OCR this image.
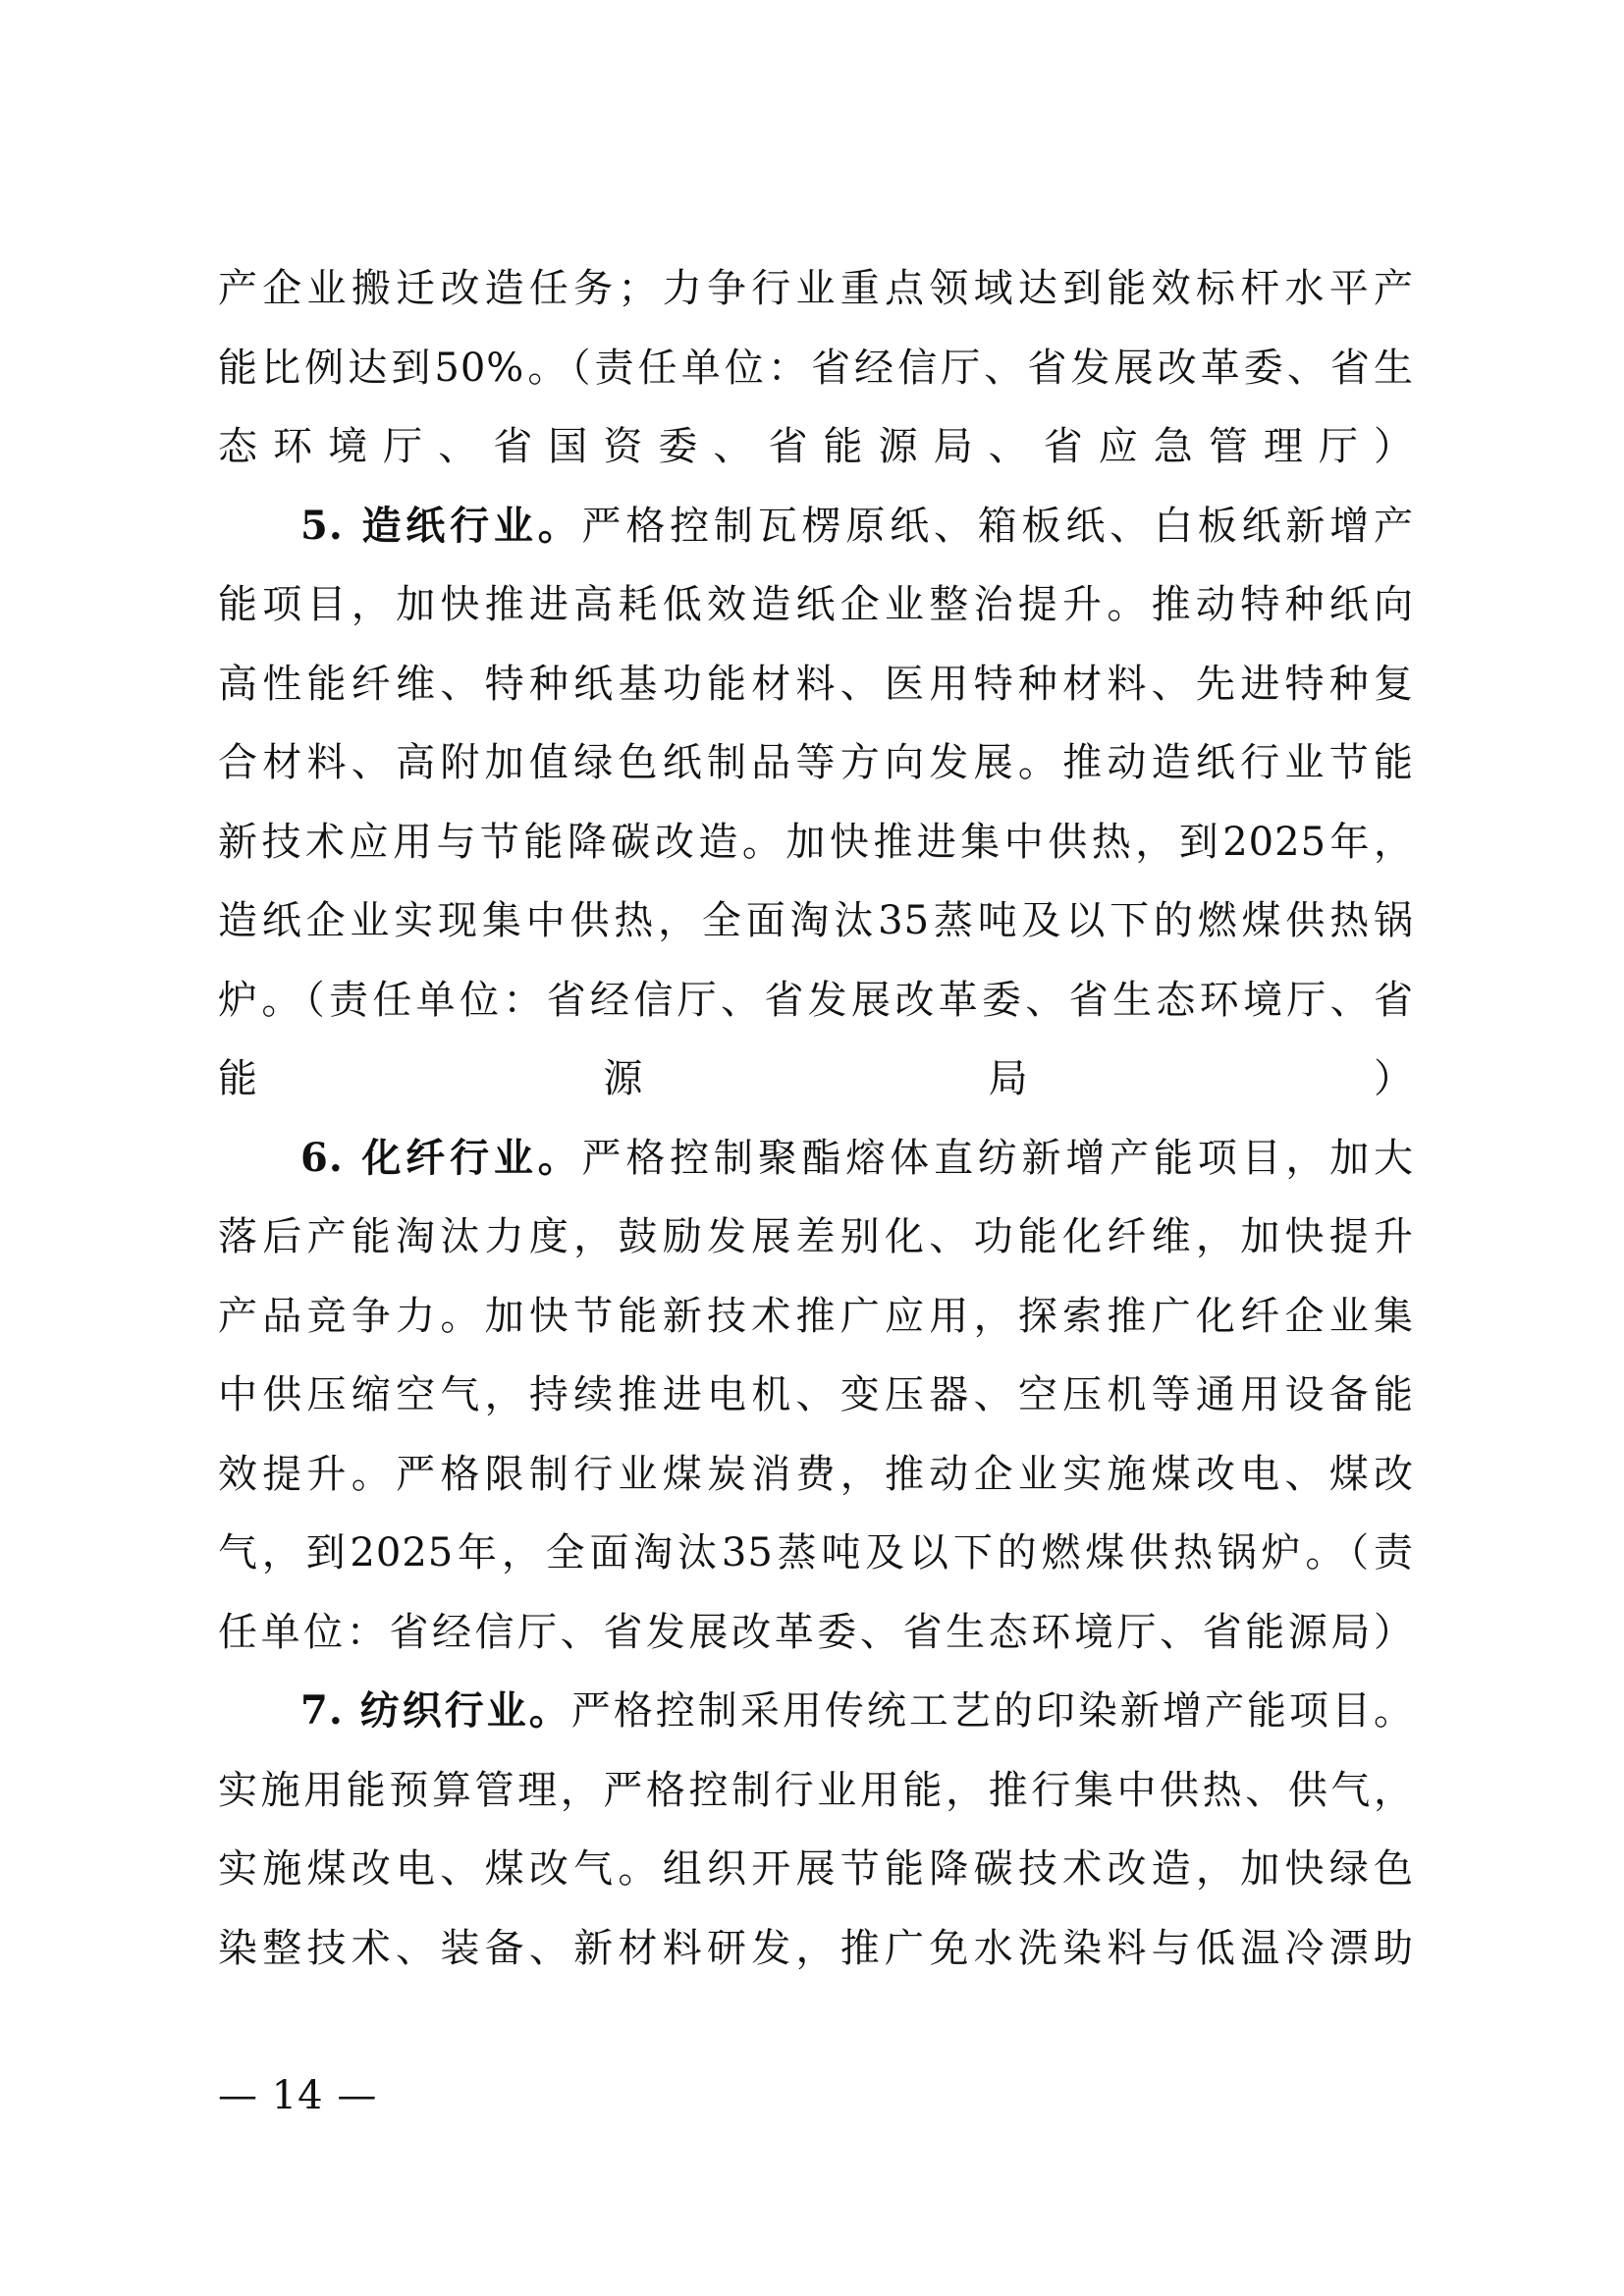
产企业搬迁改造任务；力争行业重点领域达到能效标杆水平产
能比例达到50%。（责任单位：省经信厅、省发展改革委、省生
态环境厅、省国资委、省能源局、省应急管理厅）

5. 造纸行业。严格控制瓦楞原纸、箱板纸、白板纸新增产
能项目，加快推进高耗低效造纸企业整治提升。推动特种纸向
高性能纤维、特种纸基功能材料、医用特种材料、先进特种复
合材料、高附加值绿色纸制品等方向发展。推动造纸行业节能
新技术应用与节能降碳改造。加快推进集中供热，到2025年，
造纸企业实现集中供热，全面淘汰35蒸吨及以下的燃煤供热锅
炉。（责任单位：省经信厅、省发展改革委、省生态环境厅、省
能源局）

6. 化纤行业。严格控制聚酯熔体直纺新增产能项目，加大
落后产能淘汰力度，鼓励发展差别化、功能化纤维，加快提升
产品竞争力。加快节能新技术推广应用，探索推广化纤企业集
中供压缩空气，持续推进电机、变压器、空压机等通用设备能
效提升。严格限制行业煤炭消费，推动企业实施煤改电、煤改
气，到2025年，全面淘汰35蒸吨及以下的燃煤供热锅炉。（责
任单位：省经信厅、省发展改革委、省生态环境厅、省能源局）

7. 纺织行业。严格控制采用传统工艺的印染新增产能项目。
实施用能预算管理，严格控制行业用能，推行集中供热、供气，
实施煤改电、煤改气。组织开展节能降碳技术改造，加快绿色
染整技术、装备、新材料研发，推广免水洗染料与低温冷漂助

— 14 —
